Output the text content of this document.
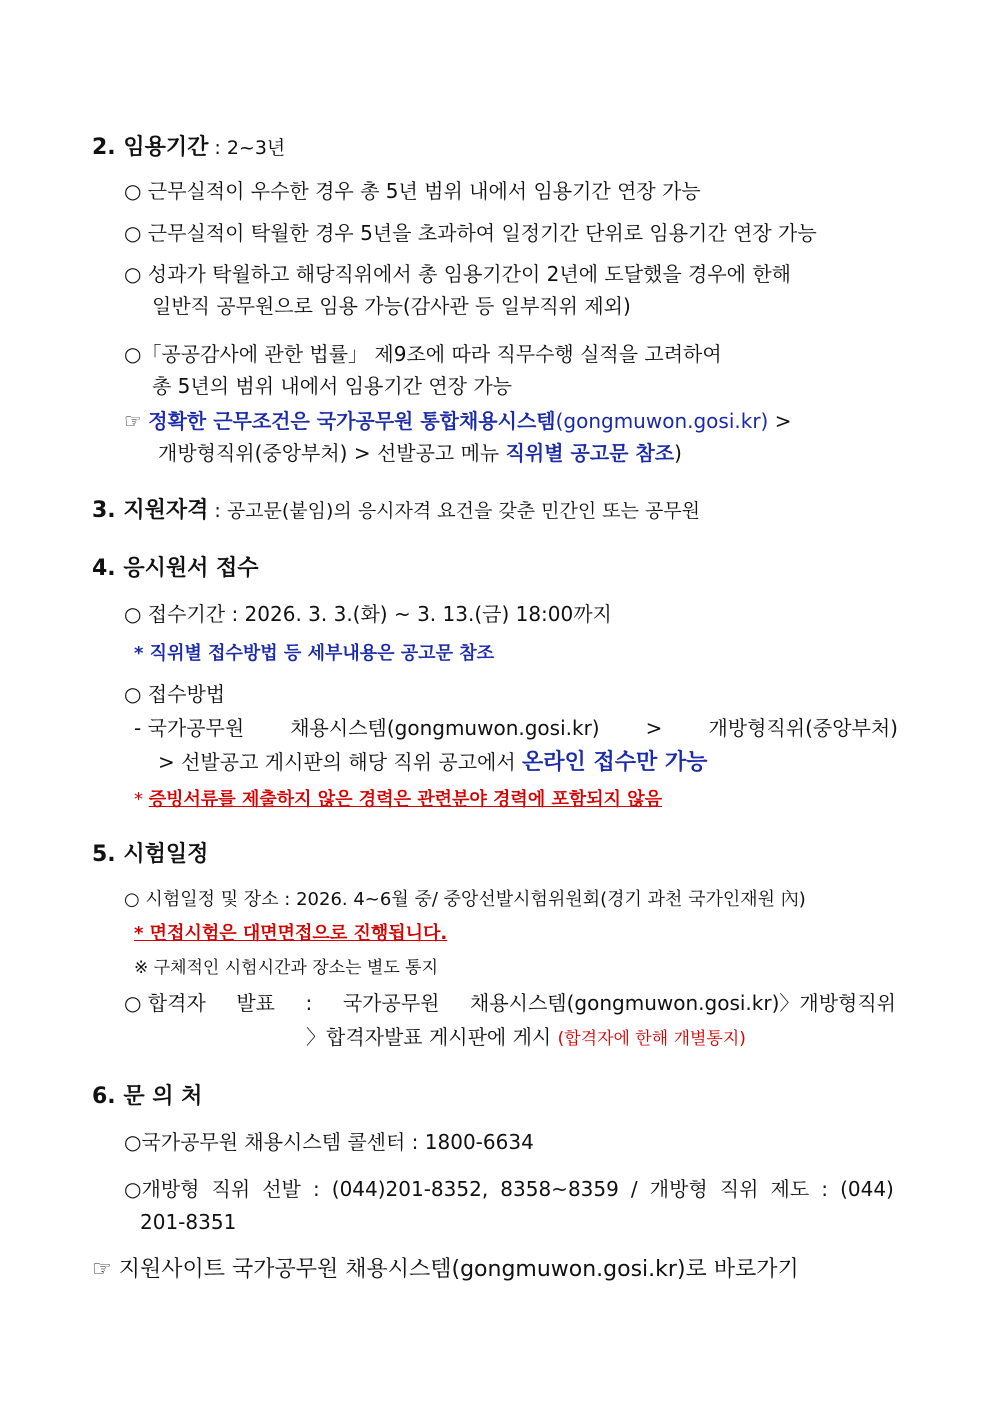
2. 임용기간 : 2~3년
○ 근무실적이 우수한 경우 총 5년 범위 내에서 임용기간 연장 가능
○ 근무실적이 탁월한 경우 5년을 초과하여 일정기간 단위로 임용기간 연장 가능
○ 성과가 탁월하고 해당직위에서 총 임용기간이 2년에 도달했을 경우에 한해
일반직 공무원으로 임용 가능(감사관 등 일부직위 제외)
○「공공감사에 관한 법률」 제9조에 따라 직무수행 실적을 고려하여
총 5년의 범위 내에서 임용기간 연장 가능
☞ 정확한 근무조건은 국가공무원 통합채용시스템(gongmuwon.gosi.kr) >
개방형직위(중앙부처) > 선발공고 메뉴 직위별 공고문 참조)
3. 지원자격 : 공고문(붙임)의 응시자격 요건을 갖춘 민간인 또는 공무원
4. 응시원서 접수
○ 접수기간 : 2026. 3. 3.(화) ~ 3. 13.(금) 18:00까지
* 직위별 접수방법 등 세부내용은 공고문 참조
○ 접수방법
- 국가공무원 채용시스템(gongmuwon.gosi.kr) > 개방형직위(중앙부처)
> 선발공고 게시판의 해당 직위 공고에서 온라인 접수만 가능
* 증빙서류를 제출하지 않은 경력은 관련분야 경력에 포함되지 않음
5. 시험일정
○ 시험일정 및 장소 : 2026. 4~6월 중/ 중앙선발시험위원회(경기 과천 국가인재원 內)
* 면접시험은 대면면접으로 진행됩니다.
※ 구체적인 시험시간과 장소는 별도 통지
○ 합격자 발표 : 국가공무원 채용시스템(gongmuwon.gosi.kr)〉개방형직위
〉합격자발표 게시판에 게시 (합격자에 한해 개별통지)
6. 문 의 처
○국가공무원 채용시스템 콜센터 : 1800-6634
○개방형 직위 선발 : (044)201-8352, 8358~8359 / 개방형 직위 제도 : (044)
201-8351
☞ 지원사이트 국가공무원 채용시스템(gongmuwon.gosi.kr)로 바로가기
